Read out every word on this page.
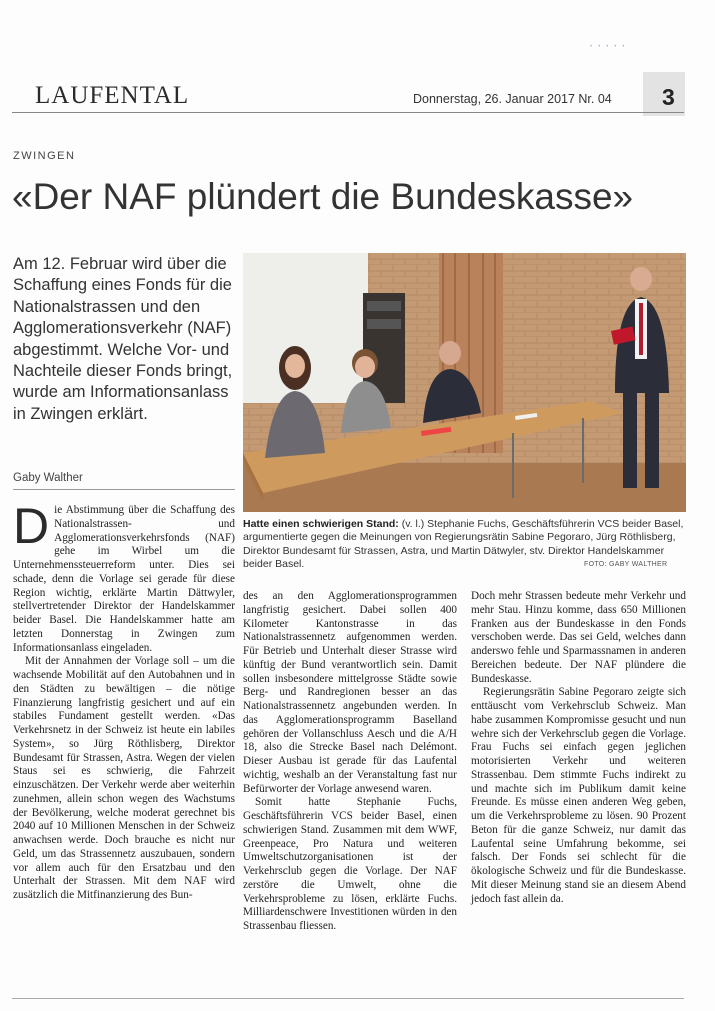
•••••
LAUFENTAL	Donnerstag, 26. Januar 2017 Nr. 04 3
ZWINGEN
«Der NAF plündert die Bundeskasse»
Am 12. Februar wird über die Schaffung eines Fonds für die Nationalstrassen und den Agglomerationsverkehr (NAF) abgestimmt. Welche Vor- und Nachteile dieser Fonds bringt, wurde am Informationsanlass in Zwingen erklärt.
Gaby Walther
Hatte einen schwierigen Stand: (v. l.) Stephanie Fuchs, Geschäftsführerin VCS beider Basel, argumentierte gegen die Meinungen von Regierungsrätin Sabine Pegoraro, Jürg Röthlisberg, Direktor Bundesamt für Strassen, Astra, und Martin Dätwyler, stv. Direktor Handelskammer beider Basel.	FOTO: GABY WALTHER

Die Abstimmung über die Schaffung des Nationalstrassen- und Agglomerationsverkehrsfonds (NAF) gehe im Wirbel um die Unternehmenssteuerreform unter. Dies sei schade, denn die Vorlage sei gerade für diese Region wichtig, erklärte Martin Dättwyler, stellvertretender Direktor der Handelskammer beider Basel. Die Handelskammer hatte am letzten Donnerstag in Zwingen zum Informationsanlass eingeladen.

Mit der Annahmen der Vorlage soll – um die wachsende Mobilität auf den Autobahnen und in den Städten zu bewältigen – die nötige Finanzierung langfristig gesichert und auf ein stabiles Fundament gestellt werden. «Das Verkehrsnetz in der Schweiz ist heute ein labiles System», so Jürg Röthlisberg, Direktor Bundesamt für Strassen, Astra. Wegen der vielen Staus sei es schwierig, die Fahrzeit einzuschätzen. Der Verkehr werde aber weiterhin zunehmen, allein schon wegen des Wachstums der Bevölkerung, welche moderat gerechnet bis 2040 auf 10 Millionen Menschen in der Schweiz anwachsen werde. Doch brauche es nicht nur Geld, um das Strassennetz auszubauen, sondern vor allem auch für den Ersatzbau und den Unterhalt der Strassen. Mit dem NAF wird zusätzlich die Mitfinanzierung des Bun-

des an den Agglomerationsprogrammen langfristig gesichert. Dabei sollen 400 Kilometer Kantonstrasse in das Nationalstrassennetz aufgenommen werden. Für Betrieb und Unterhalt dieser Strasse wird künftig der Bund verantwortlich sein. Damit sollen insbesondere mittelgrosse Städte sowie Berg- und Randregionen besser an das Nationalstrassennetz angebunden werden. In das Agglomerationsprogramm Baselland gehören der Vollanschluss Aesch und die A/H 18, also die Strecke Basel nach Delémont. Dieser Ausbau ist gerade für das Laufental wichtig, weshalb an der Veranstaltung fast nur Befürworter der Vorlage anwesend waren.

Somit hatte Stephanie Fuchs, Geschäftsführerin VCS beider Basel, einen schwierigen Stand. Zusammen mit dem WWF, Greenpeace, Pro Natura und weiteren Umweltschutzorganisationen ist der Verkehrsclub gegen die Vorlage. Der NAF zerstöre die Umwelt, ohne die Verkehrsprobleme zu lösen, erklärte Fuchs. Milliardenschwere Investitionen würden in den Strassenbau fliessen.

Doch mehr Strassen bedeute mehr Verkehr und mehr Stau. Hinzu komme, dass 650 Millionen Franken aus der Bundeskasse in den Fonds verschoben werde. Das sei Geld, welches dann anderswo fehle und Sparmassnamen in anderen Bereichen bedeute. Der NAF plündere die Bundeskasse.

Regierungsrätin Sabine Pegoraro zeigte sich enttäuscht vom Verkehrsclub Schweiz. Man habe zusammen Kompromisse gesucht und nun wehre sich der Verkehrsclub gegen die Vorlage. Frau Fuchs sei einfach gegen jeglichen motorisierten Verkehr und weiteren Strassenbau. Dem stimmte Fuchs indirekt zu und machte sich im Publikum damit keine Freunde. Es müsse einen anderen Weg geben, um die Verkehrsprobleme zu lösen. 90 Prozent Beton für die ganze Schweiz, nur damit das Laufental seine Umfahrung bekomme, sei falsch. Der Fonds sei schlecht für die ökologische Schweiz und für die Bundeskasse. Mit dieser Meinung stand sie an diesem Abend jedoch fast allein da.
